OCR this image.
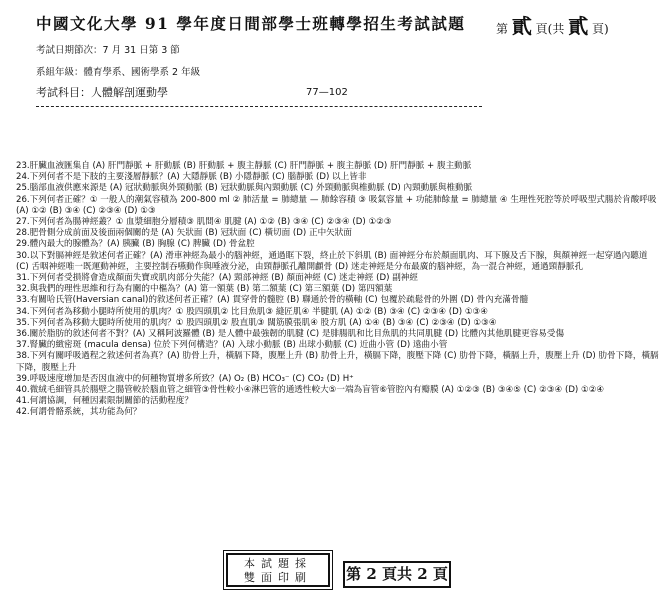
中國文化大學 91 學年度日間部學士班轉學招生考試試題	第 貳 頁(共 貳 頁)
考試日期節次：7 月 31 日第 3 節
系組年級：體育學系、國術學系 2 年級
考試科目：人體解剖運動學	77—102
23.肝臟血液匯集自 (A) 肝門靜脈 + 肝動脈 (B) 肝動脈 + 腹主靜脈 (C) 肝門靜脈 + 腹主靜脈 (D) 肝門靜脈 + 腹主動脈
24.下列何者不是下肢的主要淺層靜脈？(A) 大隱靜脈 (B) 小隱靜脈 (C) 腦靜脈 (D) 以上皆非
25.腦部血液供應來源是 (A) 冠狀動脈與外頸動脈 (B) 冠狀動脈與內頸動脈 (C) 外頸動脈與椎動脈 (D) 內頸動脈與椎動脈
26.下列何者正確？① 一般人的潮氣容積為 200-800 ml ② 肺活量 = 肺總量 — 肺餘容積 ③ 吸氣容量 + 功能肺餘量 = 肺總量 ④ 生理性死腔等於呼吸型式腸於肯酸呼吸 (A) ①② (B) ③④ (C) ②③④ (D) ①③
27.下列何者為腸神經叢？① 血漿細胞分層積③ 肌間④ 肌腱 (A) ①② (B) ③④ (C) ②③④ (D) ①②③
28.肥骨側分成前面及後面兩個關的是 (A) 矢狀面 (B) 冠狀面 (C) 橫切面 (D) 正中矢狀面
29.體內最大的腺體為？(A) 胰臟 (B) 胸腺 (C) 脾臟 (D) 骨盆腔
30.以下對膈神經是敘述何者正確？(A) 滑車神經為最小的腦神經，通過眶下裂，終止於下斜肌 (B) 面神經分布於顏面肌肉、耳下腺及舌下腺，與顏神經一起穿過內聽道 (C) 舌咽神經唯一既運動神經，主要控制吞嚥動作與唾液分泌，由頸靜脈孔離開顱骨 (D) 迷走神經是分布最廣的腦神經，為一混合神經，通過頸靜脈孔
31.下列何者受損將會造成顏面失寶或肌肉部分失能？(A) 頸部神經 (B) 顏面神經 (C) 迷走神經 (D) 副神經
32.與我們的理性思維和行為有關的中樞為？(A) 第一額葉 (B) 第二額葉 (C) 第三額葉 (D) 第四額葉
33.有關哈氏管(Haversian canal)的敘述何者正確？(A) 貫穿骨的髓腔 (B) 聯通於骨的橫軸 (C) 包覆於疏鬆骨的外圍 (D) 骨內充滿骨髓
34.下列何者為移動小腿時所使用的肌肉？① 股四頭肌② 比目魚肌③ 縫匠肌④ 半腱肌 (A) ①② (B) ③④ (C) ②③④ (D) ①③④
35.下列何者為移動大腿時所使用的肌肉？① 股四頭肌② 股直肌③ 闊筋膜張肌④ 股方肌 (A) ①④ (B) ③④ (C) ②③④ (D) ①③④
36.關於脂肪的敘述何者不對？(A) 又稱阿波羅體 (B) 是人體中最強韌的肌腱 (C) 是腓腸肌和比目魚肌的共同肌腱 (D) 比體內其他肌腱更容易受傷
37.腎臟的緻密斑 (macula densa) 位於下列何構造？(A) 入球小動脈 (B) 出球小動脈 (C) 近曲小管 (D) 遠曲小管
38.下列有關呼吸過程之敘述何者為真？(A) 肋骨上升，橫膈下降，腹壓上升 (B) 肋骨上升，橫膈下降，腹壓下降 (C) 肋骨下降，橫膈上升，腹壓上升 (D) 肋骨下降，橫膈下降，腹壓上升
39.呼吸速度增加是否因血液中的何種物質增多所致？(A) O₂ (B) HCO₃⁻ (C) CO₂ (D) H⁺
40.微絨毛細管具於腸壁之腸管較於腦血管之細管③骨性較小④淋巴管的通透性較大⑤一端為盲管⑥管腔內有瓣膜 (A) ①②③ (B) ③④⑤ (C) ②③④ (D) ①②④
41.何謂協調，何種因素限制關節的活動程度？
42.何謂骨骼系統，其功能為何？
本試題採
雙面印刷	第 2 頁共 2 頁
